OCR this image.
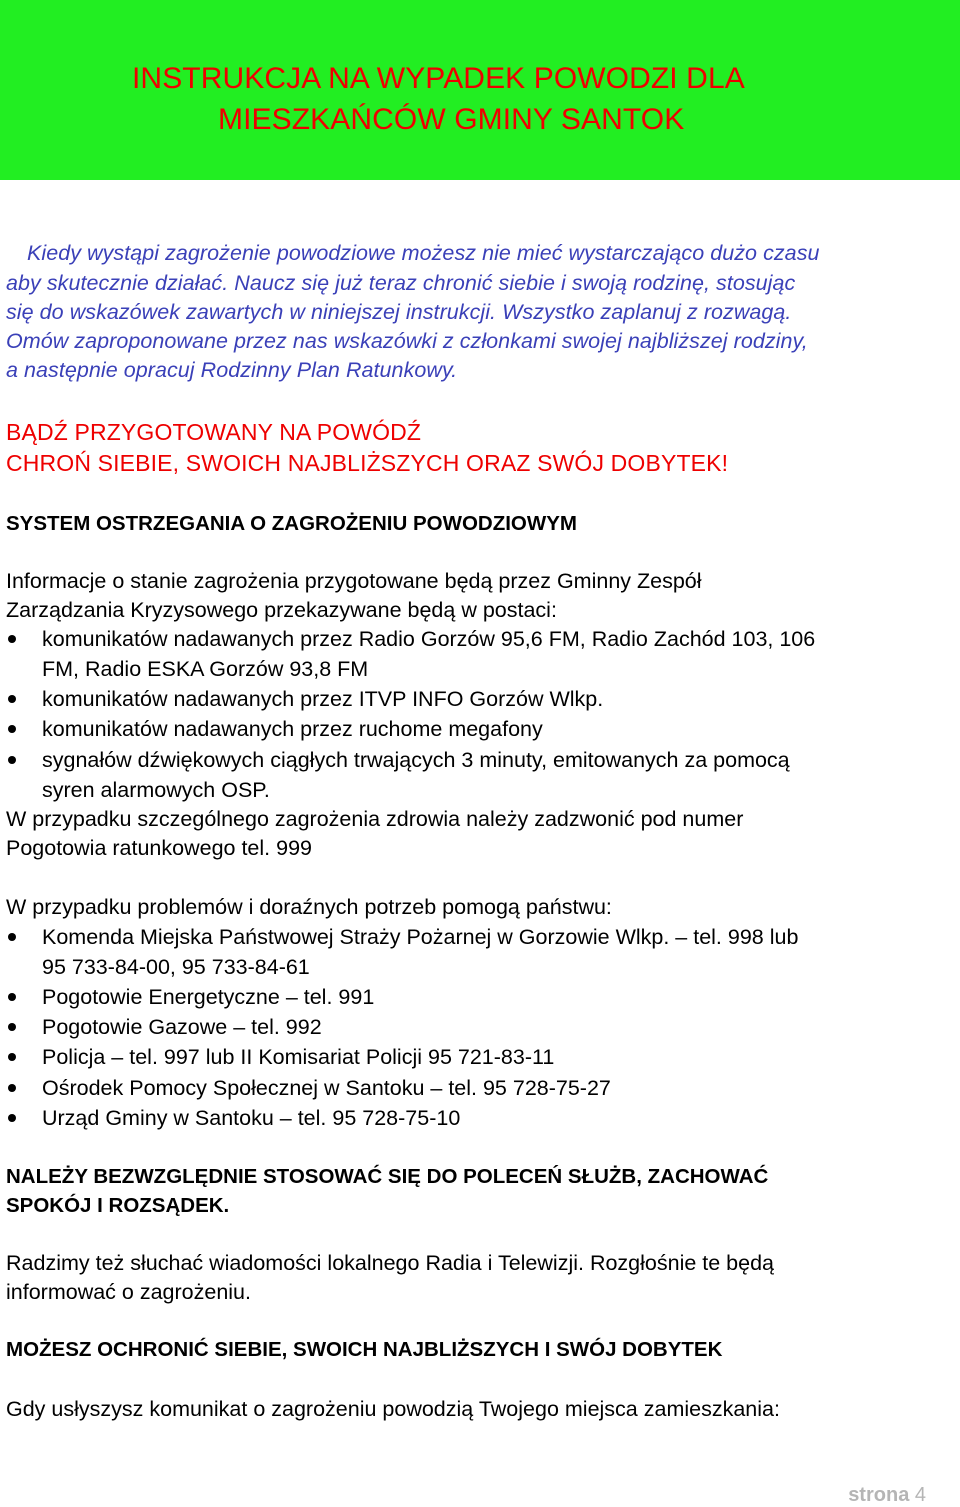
INSTRUKCJA NA WYPADEK POWODZI DLA
MIESZKAŃCÓW GMINY SANTOK
Kiedy wystąpi zagrożenie powodziowe możesz nie mieć wystarczająco dużo czasu
aby skutecznie działać. Naucz się już teraz chronić siebie i swoją rodzinę, stosując
się do wskazówek zawartych w niniejszej instrukcji. Wszystko zaplanuj z rozwagą.
Omów zaproponowane przez nas wskazówki z członkami swojej najbliższej rodziny,
a następnie opracuj Rodzinny Plan Ratunkowy.
BĄDŹ PRZYGOTOWANY NA POWÓDŹ
CHROŃ SIEBIE, SWOICH NAJBLIŻSZYCH ORAZ SWÓJ DOBYTEK!
SYSTEM OSTRZEGANIA O ZAGROŻENIU POWODZIOWYM
Informacje o stanie zagrożenia przygotowane będą przez Gminny Zespół
Zarządzania Kryzysowego przekazywane będą w postaci:
komunikatów nadawanych przez Radio Gorzów 95,6 FM, Radio Zachód 103, 106
FM, Radio ESKA Gorzów 93,8 FM
komunikatów nadawanych przez ITVP INFO Gorzów Wlkp.
komunikatów nadawanych przez ruchome megafony
sygnałów dźwiękowych ciągłych trwających 3 minuty, emitowanych za pomocą
syren alarmowych OSP.
W przypadku szczególnego zagrożenia zdrowia należy zadzwonić pod numer
Pogotowia ratunkowego tel. 999
W przypadku problemów i doraźnych potrzeb pomogą państwu:
Komenda Miejska Państwowej Straży Pożarnej w Gorzowie Wlkp. – tel. 998 lub
95 733-84-00, 95 733-84-61
Pogotowie Energetyczne – tel. 991
Pogotowie Gazowe – tel. 992
Policja – tel. 997 lub II Komisariat Policji 95 721-83-11
Ośrodek Pomocy Społecznej w Santoku – tel. 95 728-75-27
Urząd Gminy w Santoku – tel. 95 728-75-10
NALEŻY BEZWZGLĘDNIE STOSOWAĆ SIĘ DO POLECEŃ SŁUŻB, ZACHOWAĆ
SPOKÓJ I ROZSĄDEK.
Radzimy też słuchać wiadomości lokalnego Radia i Telewizji. Rozgłośnie te będą
informować o zagrożeniu.
MOŻESZ OCHRONIĆ SIEBIE, SWOICH NAJBLIŻSZYCH I SWÓJ DOBYTEK
Gdy usłyszysz komunikat o zagrożeniu powodzią Twojego miejsca zamieszkania:
strona 4
